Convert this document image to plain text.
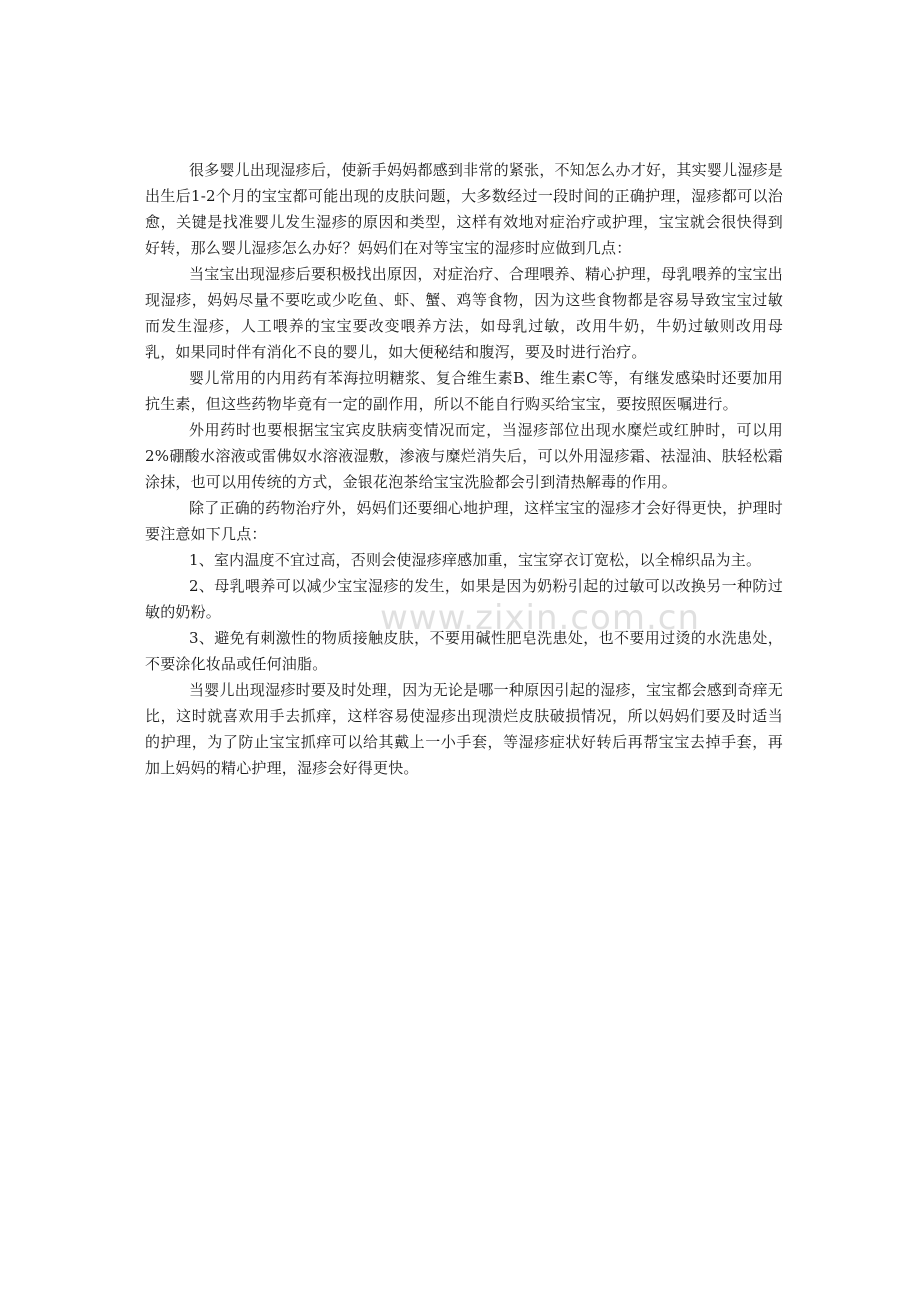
很多婴儿出现湿疹后，使新手妈妈都感到非常的紧张，不知怎么办才好，其实婴儿湿疹是出生后1-2个月的宝宝都可能出现的皮肤问题，大多数经过一段时间的正确护理，湿疹都可以治愈，关键是找准婴儿发生湿疹的原因和类型，这样有效地对症治疗或护理，宝宝就会很快得到好转，那么婴儿湿疹怎么办好？妈妈们在对等宝宝的湿疹时应做到几点：

当宝宝出现湿疹后要积极找出原因，对症治疗、合理喂养、精心护理，母乳喂养的宝宝出现湿疹，妈妈尽量不要吃或少吃鱼、虾、蟹、鸡等食物，因为这些食物都是容易导致宝宝过敏而发生湿疹，人工喂养的宝宝要改变喂养方法，如母乳过敏，改用牛奶，牛奶过敏则改用母乳，如果同时伴有消化不良的婴儿，如大便秘结和腹泻，要及时进行治疗。

婴儿常用的内用药有苯海拉明糖浆、复合维生素B、维生素C等，有继发感染时还要加用抗生素，但这些药物毕竟有一定的副作用，所以不能自行购买给宝宝，要按照医嘱进行。

外用药时也要根据宝宝宾皮肤病变情况而定，当湿疹部位出现水糜烂或红肿时，可以用2%硼酸水溶液或雷佛奴水溶液湿敷，渗液与糜烂消失后，可以外用湿疹霜、祛湿油、肤轻松霜涂抹，也可以用传统的方式，金银花泡茶给宝宝洗脸都会引到清热解毒的作用。

除了正确的药物治疗外，妈妈们还要细心地护理，这样宝宝的湿疹才会好得更快，护理时要注意如下几点：

1、室内温度不宜过高，否则会使湿疹痒感加重，宝宝穿衣订宽松，以全棉织品为主。

2、母乳喂养可以减少宝宝湿疹的发生，如果是因为奶粉引起的过敏可以改换另一种防过敏的奶粉。

3、避免有刺激性的物质接触皮肤，不要用碱性肥皂洗患处，也不要用过烫的水洗患处，不要涂化妆品或任何油脂。

当婴儿出现湿疹时要及时处理，因为无论是哪一种原因引起的湿疹，宝宝都会感到奇痒无比，这时就喜欢用手去抓痒，这样容易使湿疹出现溃烂皮肤破损情况，所以妈妈们要及时适当的护理，为了防止宝宝抓痒可以给其戴上一小手套，等湿疹症状好转后再帮宝宝去掉手套，再加上妈妈的精心护理，湿疹会好得更快。

www.zixin.com.cn
